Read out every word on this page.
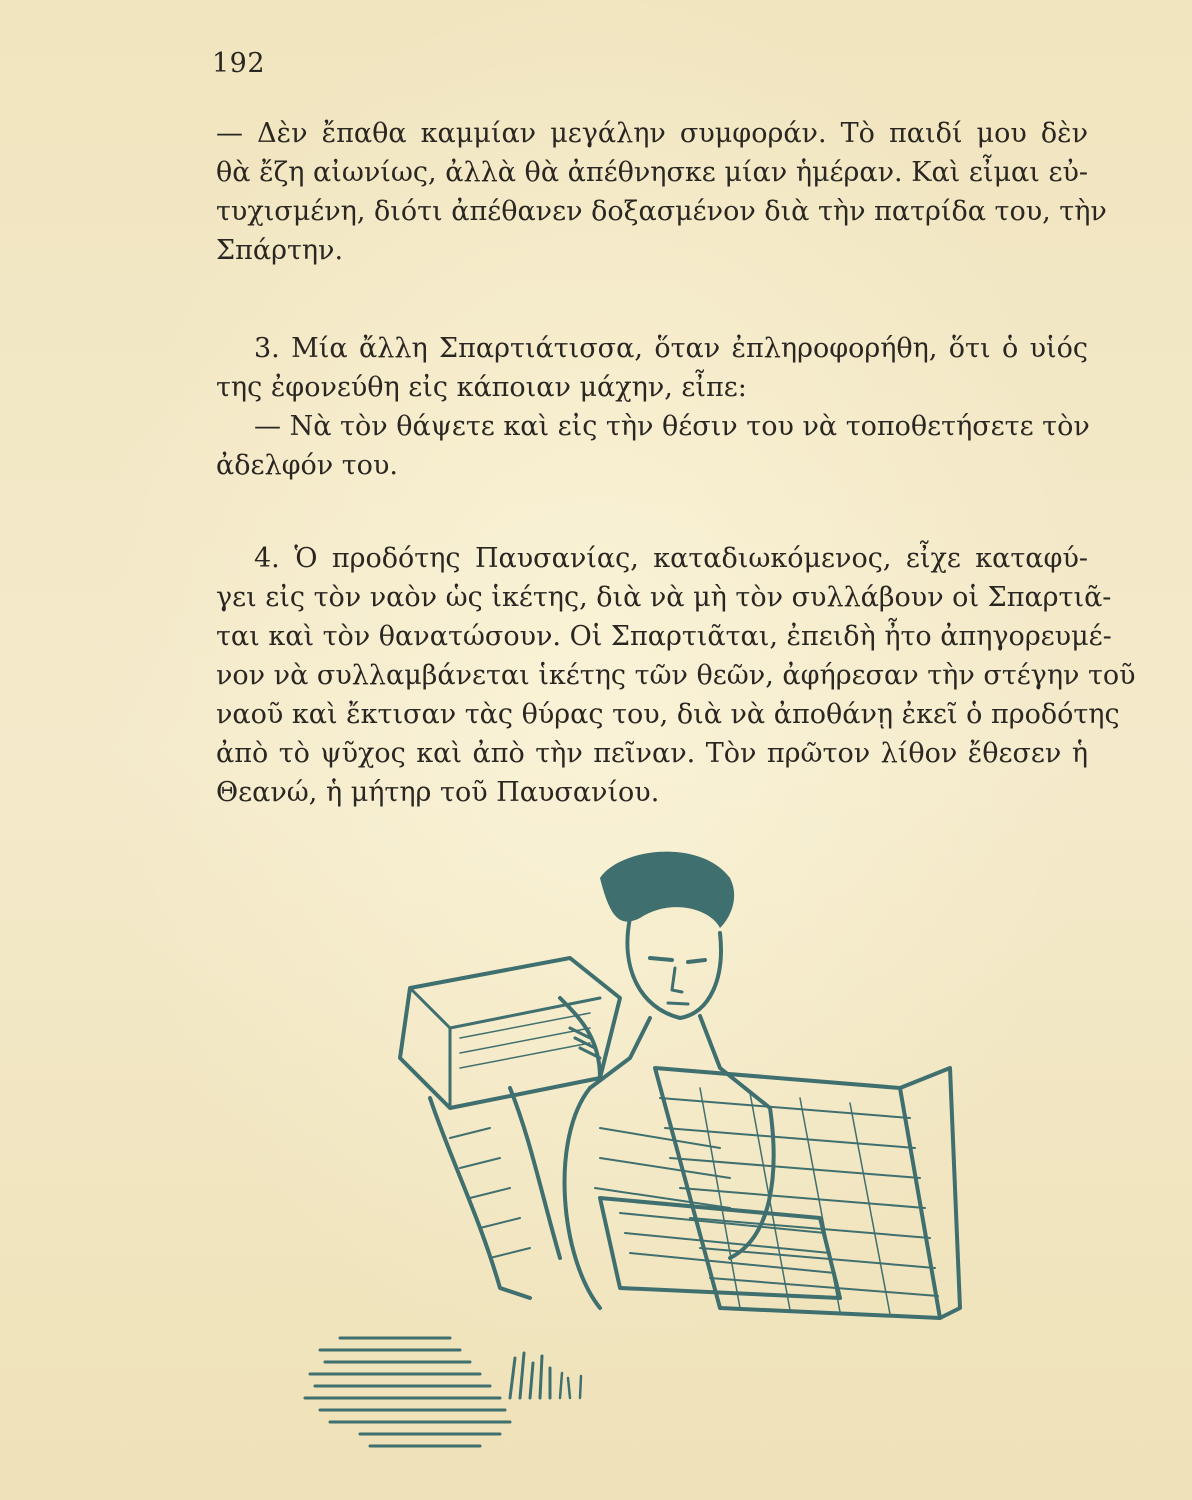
192
— Δὲν ἔπαθα καμμίαν μεγάλην συμφοράν. Τὸ παιδί μου δὲν
θὰ ἔζη αἰωνίως, ἀλλὰ θὰ ἀπέθνησκε μίαν ἡμέραν. Καὶ εἶμαι εὐ-
τυχισμένη, διότι ἀπέθανεν δοξασμένον διὰ τὴν πατρίδα του, τὴν
Σπάρτην.
3. Μία ἄλλη Σπαρτιάτισσα, ὅταν ἐπληροφορήθη, ὅτι ὁ υἱός
της ἐφονεύθη εἰς κάποιαν μάχην, εἶπε:
— Νὰ τὸν θάψετε καὶ εἰς τὴν θέσιν του νὰ τοποθετήσετε τὸν
ἀδελφόν του.
4. Ὁ προδότης Παυσανίας, καταδιωκόμενος, εἶχε καταφύ-
γει εἰς τὸν ναὸν ὡς ἱκέτης, διὰ νὰ μὴ τὸν συλλάβουν οἱ Σπαρτιᾶ-
ται καὶ τὸν θανατώσουν. Οἱ Σπαρτιᾶται, ἐπειδὴ ἦτο ἀπηγορευμέ-
νον νὰ συλλαμβάνεται ἱκέτης τῶν θεῶν, ἀφήρεσαν τὴν στέγην τοῦ
ναοῦ καὶ ἔκτισαν τὰς θύρας του, διὰ νὰ ἀποθάνῃ ἐκεῖ ὁ προδότης
ἀπὸ τὸ ψῦχος καὶ ἀπὸ τὴν πεῖναν. Τὸν πρῶτον λίθον ἔθεσεν ἡ
Θεανώ, ἡ μήτηρ τοῦ Παυσανίου.
